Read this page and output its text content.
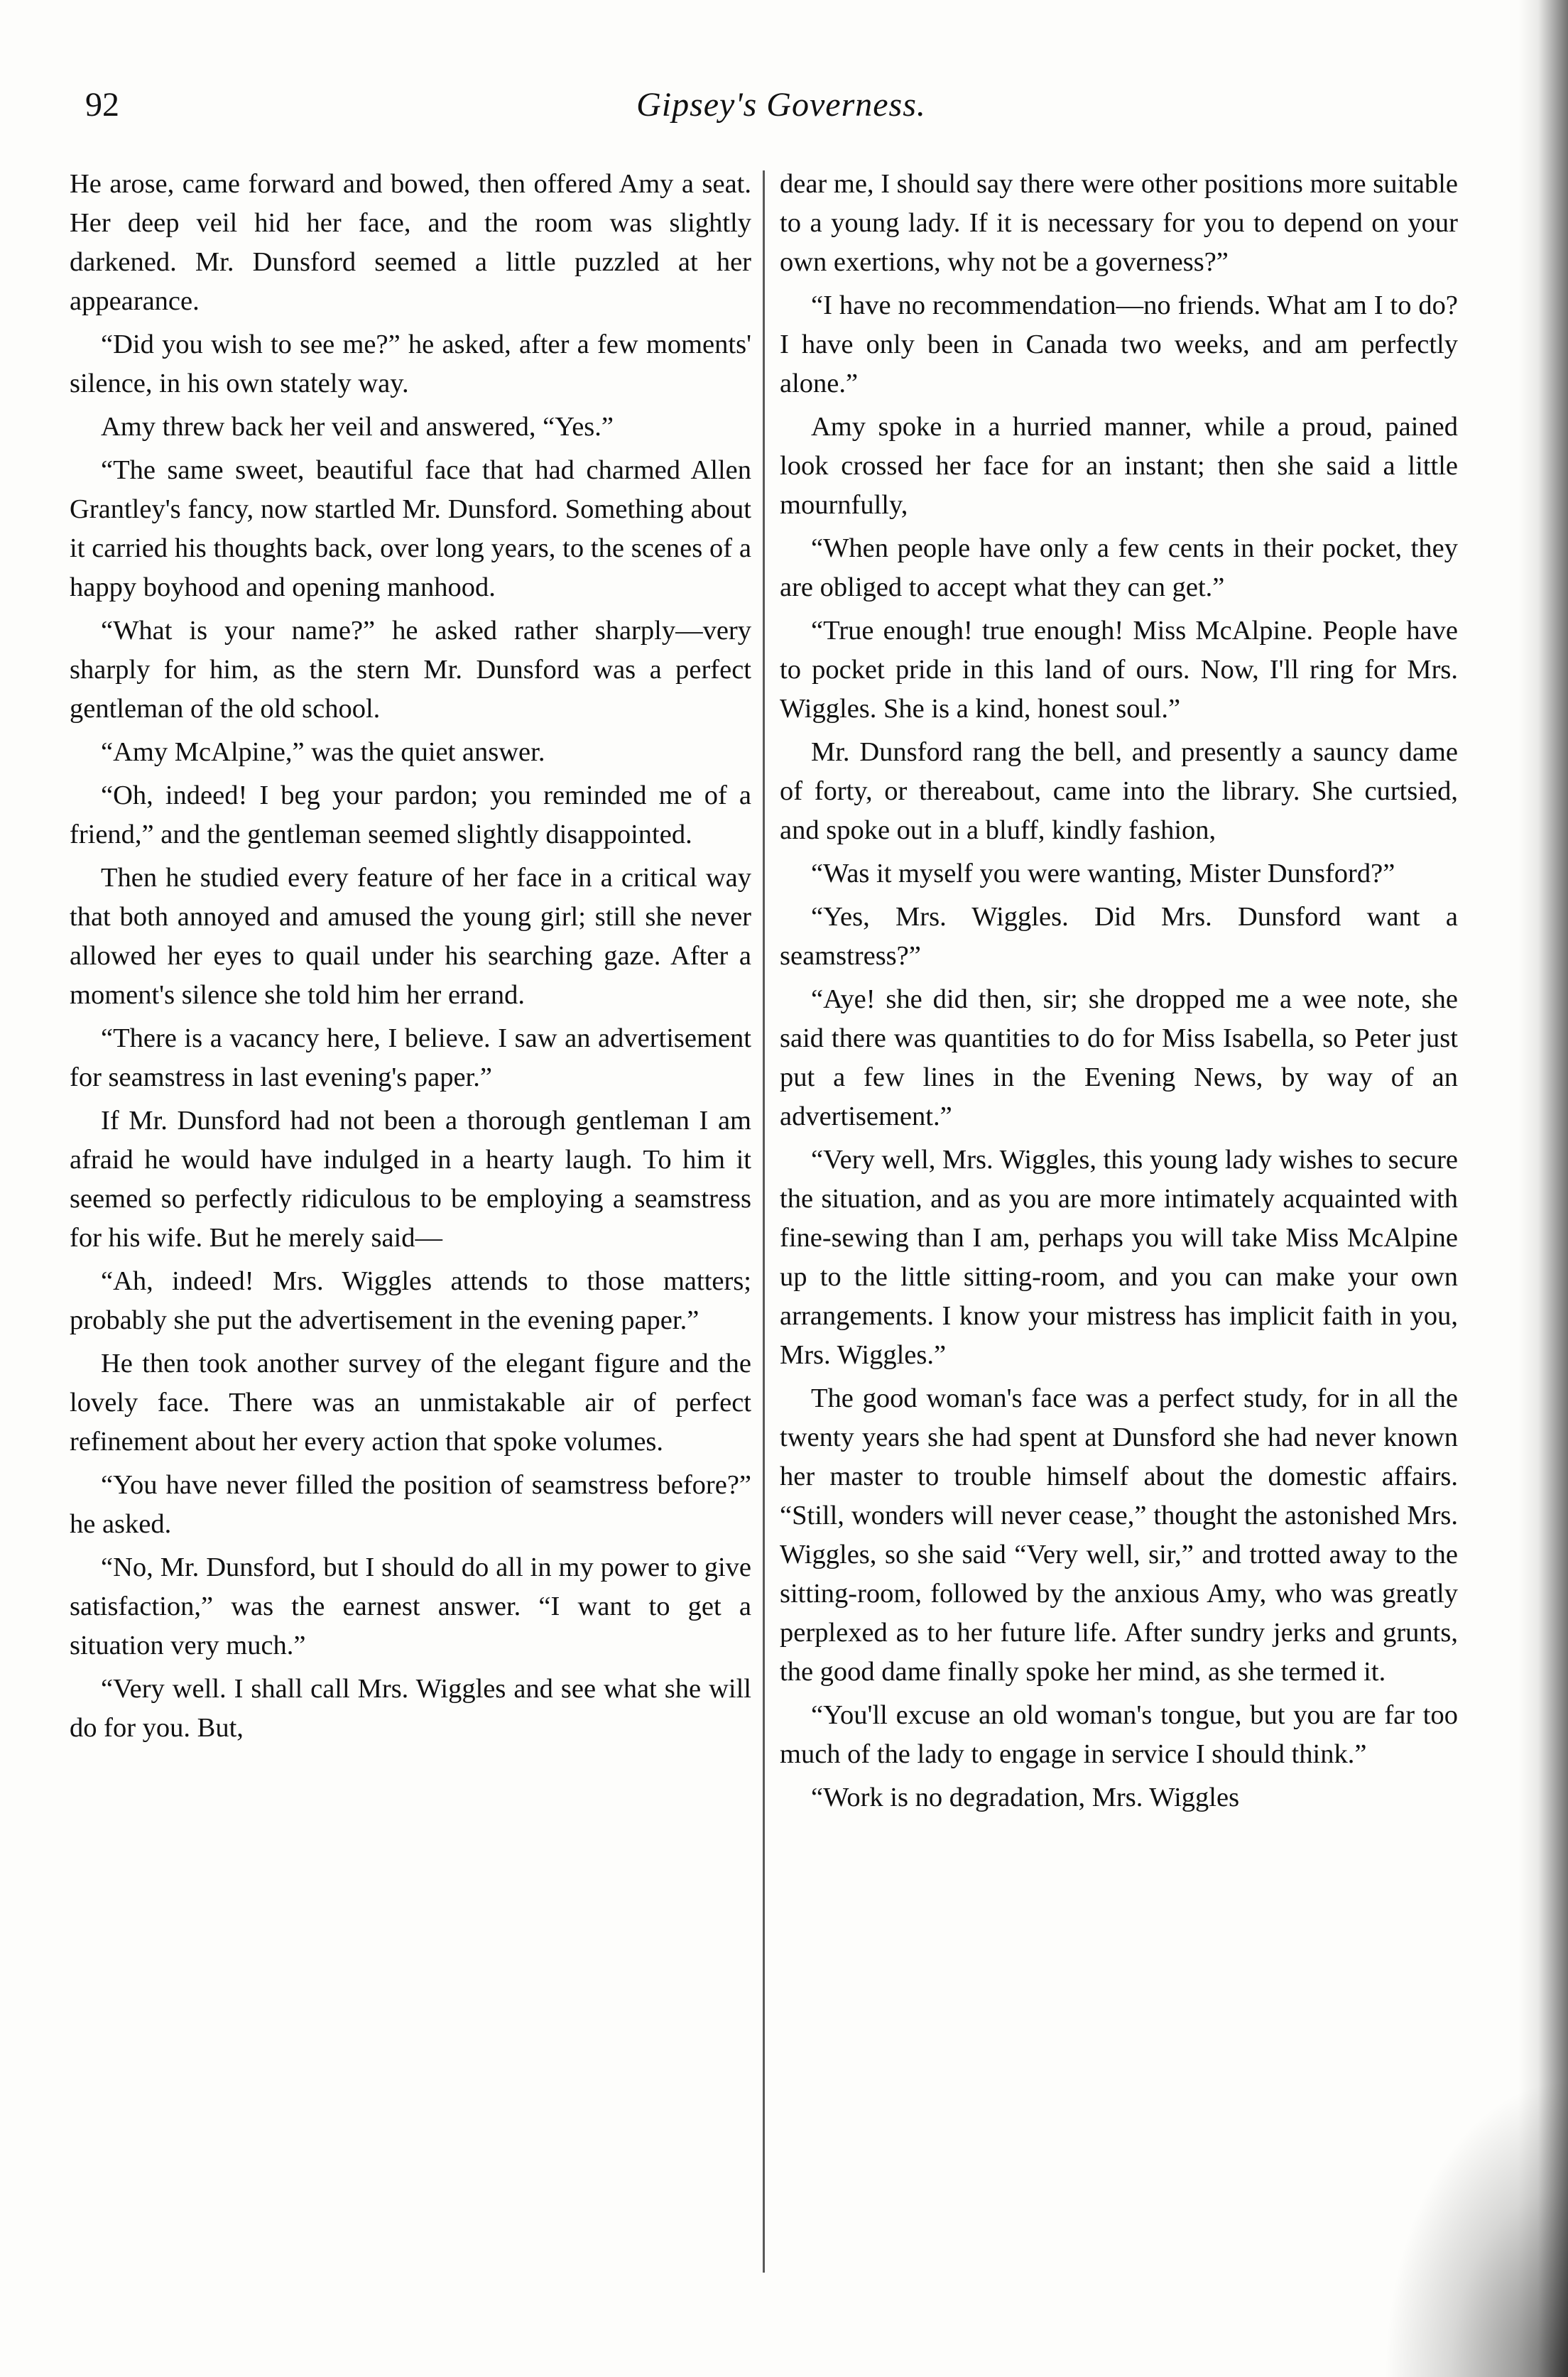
92	Gipsey's Governess.

He arose, came forward and bowed, then offered Amy a seat. Her deep veil hid her face, and the room was slightly darkened. Mr. Dunsford seemed a little puzzled at her appearance.

“Did you wish to see me?” he asked, after a few moments' silence, in his own stately way.

Amy threw back her veil and answered, “Yes.”

“The same sweet, beautiful face that had charmed Allen Grantley's fancy, now startled Mr. Dunsford. Something about it carried his thoughts back, over long years, to the scenes of a happy boyhood and opening manhood.

“What is your name?” he asked rather sharply—very sharply for him, as the stern Mr. Dunsford was a perfect gentleman of the old school.

“Amy McAlpine,” was the quiet answer.

“Oh, indeed! I beg your pardon; you reminded me of a friend,” and the gentleman seemed slightly disappointed.

Then he studied every feature of her face in a critical way that both annoyed and amused the young girl; still she never allowed her eyes to quail under his searching gaze. After a moment's silence she told him her errand.

“There is a vacancy here, I believe. I saw an advertisement for seamstress in last evening's paper.”

If Mr. Dunsford had not been a thorough gentleman I am afraid he would have indulged in a hearty laugh. To him it seemed so perfectly ridiculous to be employing a seamstress for his wife. But he merely said—

“Ah, indeed! Mrs. Wiggles attends to those matters; probably she put the advertisement in the evening paper.”

He then took another survey of the elegant figure and the lovely face. There was an unmistakable air of perfect refinement about her every action that spoke volumes.

“You have never filled the position of seamstress before?” he asked.

“No, Mr. Dunsford, but I should do all in my power to give satisfaction,” was the earnest answer. “I want to get a situation very much.”

“Very well. I shall call Mrs. Wiggles and see what she will do for you. But,

dear me, I should say there were other positions more suitable to a young lady. If it is necessary for you to depend on your own exertions, why not be a governess?”

“I have no recommendation—no friends. What am I to do? I have only been in Canada two weeks, and am perfectly alone.”

Amy spoke in a hurried manner, while a proud, pained look crossed her face for an instant; then she said a little mournfully,

“When people have only a few cents in their pocket, they are obliged to accept what they can get.”

“True enough! true enough! Miss McAlpine. People have to pocket pride in this land of ours. Now, I'll ring for Mrs. Wiggles. She is a kind, honest soul.”

Mr. Dunsford rang the bell, and presently a sauncy dame of forty, or thereabout, came into the library. She curtsied, and spoke out in a bluff, kindly fashion,

“Was it myself you were wanting, Mister Dunsford?”

“Yes, Mrs. Wiggles. Did Mrs. Dunsford want a seamstress?”

“Aye! she did then, sir; she dropped me a wee note, she said there was quantities to do for Miss Isabella, so Peter just put a few lines in the Evening News, by way of an advertisement.”

“Very well, Mrs. Wiggles, this young lady wishes to secure the situation, and as you are more intimately acquainted with fine-sewing than I am, perhaps you will take Miss McAlpine up to the little sitting-room, and you can make your own arrangements. I know your mistress has implicit faith in you, Mrs. Wiggles.”

The good woman's face was a perfect study, for in all the twenty years she had spent at Dunsford she had never known her master to trouble himself about the domestic affairs. “Still, wonders will never cease,” thought the astonished Mrs. Wiggles, so she said “Very well, sir,” and trotted away to the sitting-room, followed by the anxious Amy, who was greatly perplexed as to her future life. After sundry jerks and grunts, the good dame finally spoke her mind, as she termed it.

“You'll excuse an old woman's tongue, but you are far too much of the lady to engage in service I should think.”

“Work is no degradation, Mrs. Wiggles
